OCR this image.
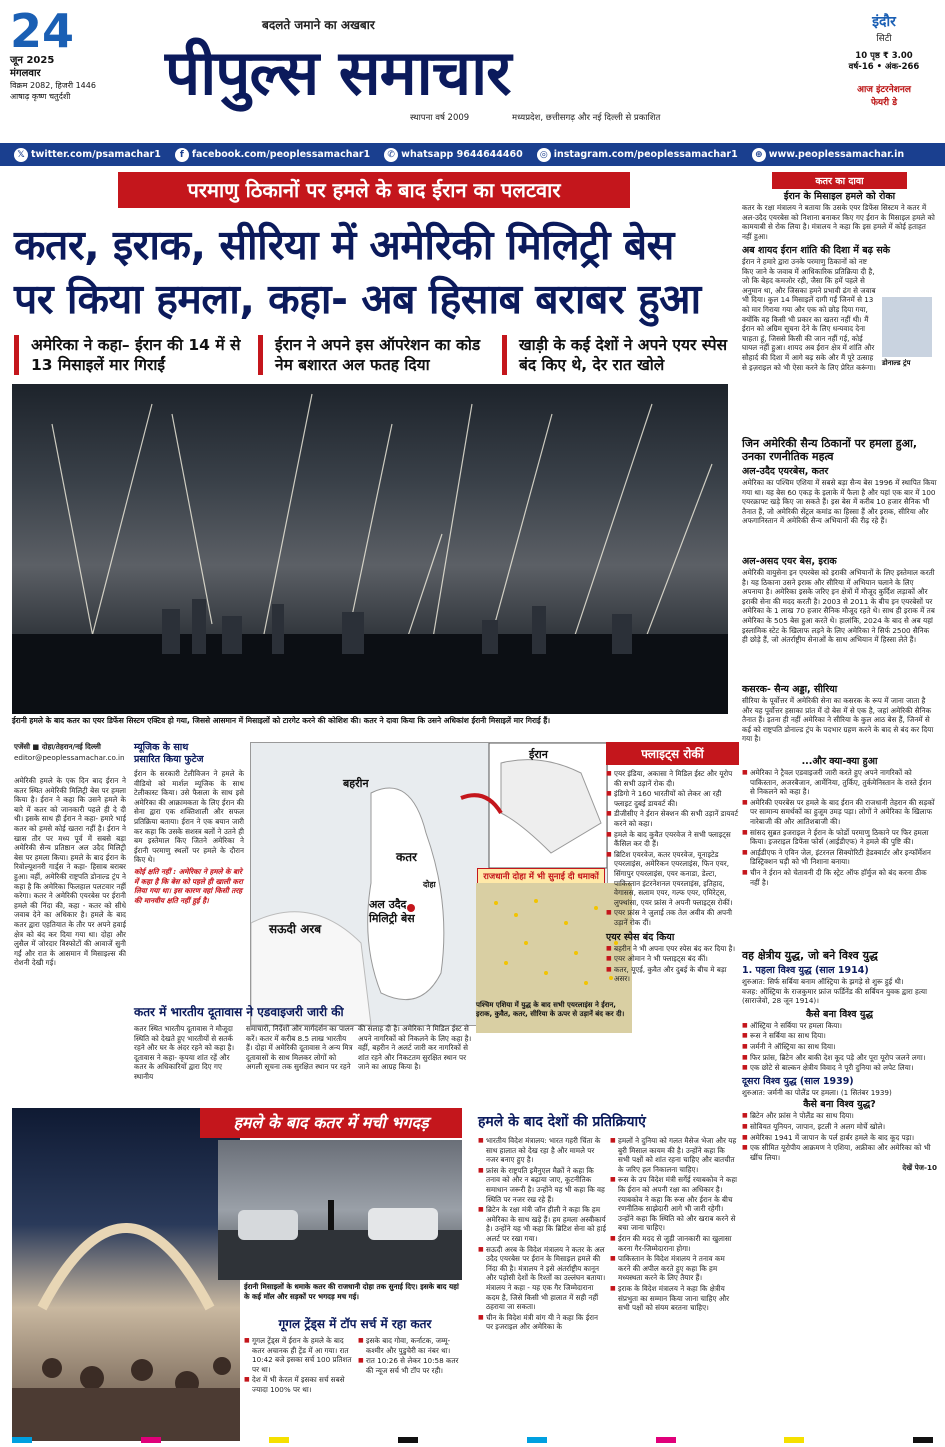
24
जून 2025
मंगलवार
विक्रम 2082, हिजरी 1446
आषाढ़ कृष्ण चतुर्दशी
बदलते जमाने का अखबार
पीपुल्स समाचार
स्थापना वर्ष 2009	मध्यप्रदेश, छत्तीसगढ़ और नई दिल्ली से प्रकाशित
इंदौर
सिटी
10 पृष्ठ ₹ 3.00
वर्ष-16 • अंक-266
आज इंटरनेशनल
फेयरी डे
𝕏 twitter.com/psamachar1	f facebook.com/peoplessamachar1	✆ whatsapp 9644644460	◎ instagram.com/peoplessamachar1	⊕ www.peoplessamachar.in
परमाणु ठिकानों पर हमले के बाद ईरान का पलटवार
कतर, इराक, सीरिया में अमेरिकी मिलिट्री बेस
पर किया हमला, कहा- अब हिसाब बराबर हुआ
अमेरिका ने कहा– ईरान की 14 में से 13 मिसाइलें मार गिराईं
ईरान ने अपने इस ऑपरेशन का कोड नेम बशारत अल फतह दिया
खाड़ी के कई देशों ने अपने एयर स्पेस बंद किए थे, देर रात खोले
ईरानी हमले के बाद कतर का एयर डिफेंस सिस्टम एक्टिव हो गया, जिससे आसमान में मिसाइलों को टारगेट करने की कोशिश की। कतर ने दावा किया कि उसने अधिकांश ईरानी मिसाइलें मार गिराई हैं।
एजेंसी ■ दोहा/तेहरान/नई दिल्ली
editor@peoplessamachar.co.in
अमेरिकी हमले के एक दिन बाद ईरान ने कतर स्थित अमेरिकी मिलिट्री बेस पर हमला किया है। ईरान ने कहा कि उसने हमले के बारे में कतर को जानकारी पहले ही दे दी थी। इसके साथ ही ईरान ने कहा- हमारे भाई कतर को हमसे कोई खतरा नहीं है। ईरान ने खास तौर पर मध्य पूर्व में सबसे बड़ा अमेरिकी सैन्य प्रतिष्ठान अल उदैद मिलिट्री बेस पर हमला किया। हमले के बाद ईरान के रिवोल्यूशनरी गार्ड्स ने कहा- हिसाब बराबर हुआ। वहीं, अमेरिकी राष्ट्रपति डोनाल्ड ट्रंप ने कहा है कि अमेरिका फिलहाल पलटवार नहीं करेगा। कतर ने अमेरिकी एयरबेस पर ईरानी हमले की निंदा की, कहा - कतर को सीधे जवाब देने का अधिकार है। हमले के बाद कतर द्वारा एहतियात के तौर पर अपने हवाई क्षेत्र को बंद कर दिया गया था। दोहा और लुसैल में जोरदार विस्फोटों की आवाजें सुनी गईं और रात के आसमान में मिसाइल्स की रोशनी देखी गई।
म्यूजिक के साथ
प्रसारित किया फुटेज
ईरान के सरकारी टेलीविजन ने हमले के वीडियो को मार्शल म्यूजिक के साथ टेलीकास्ट किया। उसे फैसला के साथ इसे अमेरिका की आक्रामकता के लिए ईरान की सेना द्वारा एक शक्तिशाली और सफल प्रतिक्रिया बताया। ईरान ने एक बयान जारी कर कहा कि उसके सशस्त्र बलों ने उतने ही बम इस्तेमाल किए जितने अमेरिका ने ईरानी परमाणु स्थलों पर हमले के दौरान किए थे।
कोई क्षति नहीं : अमेरिका ने हमले के बारे में कहा है कि बेस को पहले ही खाली करा लिया गया था। इस कारण वहां किसी तरह की मानवीय क्षति नहीं हुई है।
बहरीन
ईरान
कतर
दोहा
अल उदैद मिलिट्री बेस
सऊदी अरब
राजधानी दोहा में भी सुनाई दी धमाकों
पश्चिम एशिया में युद्ध के बाद सभी एयरलाइंस ने ईरान, इराक, कुवैत, कतर, सीरिया के ऊपर से उड़ानें बंद कर दी।
कतर में भारतीय दूतावास ने एडवाइजरी जारी की
कतर स्थित भारतीय दूतावास ने मौजूदा स्थिति को देखते हुए भारतीयों से सतर्क रहने और घर के अंदर रहने को कहा है। दूतावास ने कहा- कृपया शांत रहें और कतर के अधिकारियों द्वारा दिए गए स्थानीय
समाचारों, निर्देशों और मार्गदर्शन का पालन करें। कतर में करीब 8.5 लाख भारतीय हैं। दोहा में अमेरिकी दूतावास ने अन्य मित्र दूतावासों के साथ मिलकर लोगों को अगली सूचना तक सुरक्षित स्थान पर रहने
की सलाह दी है। अमेरिका ने मिडिल ईस्ट से अपने नागरिकों को निकलने के लिए कहा है। वहीं, बहरीन ने अलर्ट जारी कर नागरिकों से शांत रहने और निकटतम सुरक्षित स्थान पर जाने का आग्रह किया है।
फ्लाइट्स रोकीं
■ एयर इंडिया, अकासा ने मिडिल ईस्ट और यूरोप की सभी उड़ानें रोक दी।
■ इंडिगो ने 160 भारतीयों को लेकर आ रही फ्लाइट दुबई डायवर्ट की।
■ डीजीसीए ने ईरान सेक्शन की सभी उड़ानें डायवर्ट करने को कहा।
■ हमले के बाद कुवैत एयरवेज ने सभी फ्लाइट्स कैंसिल कर दी हैं।
■ ब्रिटिश एयरवेज, कतर एयरवेज, यूनाइटेड एयरलाइंस, अमेरिकन एयरलाइंस, फिन एयर, सिंगापुर एयरलाइंस, एयर कनाडा, डेल्टा, पाकिस्तान इंटरनेशनल एयरलाइंस, इतिहाद, वेगासस, सलाम एयर, गल्फ एयर, एमिरेट्स, लुफ्थांसा, एयर फ्रांस ने अपनी फ्लाइट्स रोकीं।
■ एयर फ्रांस ने जुलाई तक तेल अवीव की अपनी उड़ानें रोक दीं।
एयर स्पेस बंद किया
■ बहरीन ने भी अपना एयर स्पेस बंद कर दिया है।
■ एयर ओमान ने भी फ्लाइट्स बंद कीं।
■ कतर, यूएई, कुवैत और दुबई के बीच मे बड़ा असर।
हमले के बाद कतर में मची भगदड़
ईरानी मिसाइलों के धमाके कतर की राजधानी दोहा तक सुनाई दिए। इसके बाद यहां के कई मॉल और सड़कों पर भगदड़ मच गई।
गूगल ट्रेंड्स में टॉप सर्च में रहा कतर
■ गूगल ट्रेंड्स में ईरान के हमले के बाद कतर अचानक ही ट्रेंड में आ गया। रात 10:42 बजे इसका सर्च 100 प्रतिशत पर था।
■ देश में भी केरल में इसका सर्च सबसे ज्यादा 100% पर था।
■ इसके बाद गोवा, कर्नाटक, जम्मू-कश्मीर और पुडुचेरी का नंबर था।
■ रात 10:26 से लेकर 10:58 कतर की न्यूज सर्च भी टॉप पर रही।
हमले के बाद देशों की प्रतिक्रियाएं
■ भारतीय विदेश मंत्रालय: भारत गहरी चिंता के साथ हालात को देख रहा है और मामले पर नजर बनाए हुए है।
■ फ्रांस के राष्ट्रपति इमैनुएल मैक्रों ने कहा कि तनाव को और न बढ़ाया जाए, कूटनीतिक समाधान जरूरी है। उन्होंने यह भी कहा कि वह स्थिति पर नजर रख रहे हैं।
■ ब्रिटेन के रक्षा मंत्री जॉन हीली ने कहा कि हम अमेरिका के साथ खड़े हैं। हम हमला अस्वीकार्य है। उन्होंने यह भी कहा कि ब्रिटिश सेना को हाई अलर्ट पर रखा गया।
■ सऊदी अरब के विदेश मंत्रालय ने कतर के अल उदैद एयरबेस पर ईरान के मिसाइल हमले की निंदा की है। मंत्रालय ने इसे अंतर्राष्ट्रीय कानून और पड़ोसी देशों के रिश्तों का उल्लंघन बताया। मंत्रालय ने कहा - यह एक गैर जिम्मेदाराना कदम है, जिसे किसी भी हालात में सही नहीं ठहराया जा सकता।
■ चीन के विदेश मंत्री वांग यी ने कहा कि ईरान पर इजराइल और अमेरिका के
■ हमलों ने दुनिया को गलत मैसेज भेजा और यह बुरी मिसाल कायम की है। उन्होंने कहा कि सभी पक्षों को शांत रहना चाहिए और बातचीत के जरिए हल निकालना चाहिए।
■ रूस के उप विदेश मंत्री सर्गेई रयाबकोव ने कहा कि ईरान को अपनी रक्षा का अधिकार है। रयाबकोव ने कहा कि रूस और ईरान के बीच रणनीतिक साझेदारी आगे भी जारी रहेगी। उन्होंने कहा कि स्थिति को और खराब करने से बचा जाना चाहिए।
■ ईरान की मदद से जुड़ी जानकारी का खुलासा करना गैर-जिम्मेदाराना होगा।
■ पाकिस्तान के विदेश मंत्रालय ने तनाव कम करने की अपील करते हुए कहा कि हम मध्यस्थता करने के लिए तैयार हैं।
■ इराक के विदेश मंत्रालय ने कहा कि क्षेत्रीय संप्रभुता का सम्मान किया जाना चाहिए और सभी पक्षों को संयम बरतना चाहिए।
कतर का दावा
ईरान के मिसाइल हमले को रोका
कतर के रक्षा मंत्रालय ने बताया कि उसके एयर डिफेंस सिस्टम ने कतर में अल-उदैद एयरबेस को निशाना बनाकर किए गए ईरान के मिसाइल हमले को कामयाबी से रोक लिया है। मंत्रालय ने कहा कि इस हमले में कोई हताहत नहीं हुआ।
अब शायद ईरान शांति की दिशा में बढ़ सके
ईरान ने हमारे द्वारा उनके परमाणु ठिकानों को नष्ट किए जाने के जवाब में आधिकारिक प्रतिक्रिया दी है, जो कि बेहद कमजोर रही, जैसा कि हमें पहले से अनुमान था, और जिसका हमने प्रभावी ढंग से जवाब भी दिया। कुल 14 मिसाइलें दागी गईं जिनमें से 13 को मार गिराया गया और एक को छोड़ दिया गया, क्योंकि वह किसी भी प्रकार का खतरा नहीं थी। मैं ईरान को अग्रिम सूचना देने के लिए धन्यवाद देना चाहता हूं, जिससे किसी की जान नहीं गई, कोई घायल नहीं हुआ। शायद अब ईरान क्षेत्र में शांति और सौहार्द की दिशा में आगे बढ़ सके और मैं पूरे उत्साह से इज़राइल को भी ऐसा करने के लिए प्रेरित करूंगा। डोनाल्ड ट्रंप
जिन अमेरिकी सैन्य ठिकानों पर हमला हुआ, उनका रणनीतिक महत्व
अल-उदैद एयरबेस, कतर
अमेरिका का पश्चिम एशिया में सबसे बड़ा सैन्य बेस 1996 में स्थापित किया गया था। यह बेस 60 एकड़ के इलाके में फैला है और यहां एक बार में 100 एयरक्राफ्ट खड़े किए जा सकते हैं। इस बेस में करीब 10 हजार सैनिक भी तैनात हैं, जो अमेरिकी सेंट्रल कमांड का हिस्सा हैं और इराक, सीरिया और अफगानिस्तान में अमेरिकी सैन्य अभियानों की रीढ़ रहे हैं।
अल-असद एयर बेस, इराक
अमेरिकी वायुसेना इन एयरबेस को इराकी अभियानों के लिए इस्तेमाल करती है। यह ठिकाना उसने इराक और सीरिया में अभियान चलाने के लिए अपनाया है। अमेरिका इसके जरिए इन क्षेत्रों में मौजूद कुर्दिश लड़ाकों और इराकी सेना की मदद करती है। 2003 से 2011 के बीच इन एयरबेसों पर अमेरिका के 1 लाख 70 हजार सैनिक मौजूद रहते थे। साथ ही इराक में तब अमेरिका के 505 बेस हुआ करते थे। हालांकि, 2024 के बाद से अब यहां इस्लामिक स्टेट के खिलाफ लड़ने के लिए अमेरिका ने सिर्फ 2500 सैनिक ही छोड़े हैं, जो अंतर्राष्ट्रीय सेनाओं के साथ अभियान में हिस्सा लेते हैं।
कसरक- सैन्य अड्डा, सीरिया
सीरिया के पूर्वोत्तर में अमेरिकी सेना का कसरक के रूप में जाना जाता है और यह पूर्वोत्तर हसाका प्रांत में दो बेस में से एक है, जहां अमेरिकी सैनिक तैनात हैं। इतना ही नहीं अमेरिका ने सीरिया के कुल आठ बेस हैं, जिनमें से कई को राष्ट्रपति डोनाल्ड ट्रंप के पदभार ग्रहण करने के बाद से बंद कर दिया गया है।
...और क्या-क्या हुआ
■ अमेरिका ने ट्रैवल एडवाइजरी जारी करते हुए अपने नागरिकों को पाकिस्तान, अजरबैजान, आर्मेनिया, तुर्किए, तुर्कमेनिस्तान के रास्ते ईरान से निकलने को कहा है।
■ अमेरिकी एयरबेस पर हमले के बाद ईरान की राजधानी तेहरान की सड़कों पर सामान्य समर्थकों का हुजूम उमड़ पड़ा। लोगों ने अमेरिका के खिलाफ नारेबाजी की और आतिशबाजी की।
■ सांसद सुब्रत इजराइल ने ईरान के फोर्डो परमाणु ठिकाने पर फिर हमला किया। इजराइल डिफेंस फोर्स (आईडीएफ) ने हमले की पुष्टि की।
■ आईडीएफ ने एविन जेल, इंटरनल सिक्योरिटी हेडक्वार्टर और इन्फॉर्मेशन डिस्ट्रिक्शन घड़ी को भी निशाना बनाया।
■ चीन ने ईरान को चेतावनी दी कि स्ट्रेट ऑफ हॉर्मुज को बंद करना ठीक नहीं है।
वह क्षेत्रीय युद्ध, जो बने विश्व युद्ध
1. पहला विश्व युद्ध (साल 1914)
शुरुआत: सिर्फ सर्बिया बनाम ऑस्ट्रिया के झगड़े से शुरू हुई थी।
वजह: ऑस्ट्रिया के राजकुमार फ्रांज फर्डिनेंड की सर्बियन युवक द्वारा हत्या (साराजेवो, 28 जून 1914)।
कैसे बना विश्व युद्ध
■ ऑस्ट्रिया ने सर्बिया पर हमला किया।
■ रूस ने सर्बिया का साथ दिया।
■ जर्मनी ने ऑस्ट्रिया का साथ दिया।
■ फिर फ्रांस, ब्रिटेन और बाकी देश कूद पड़े और पूरा यूरोप जलने लगा।
■ एक छोटे से बाल्कन क्षेत्रीय विवाद ने पूरी दुनिया को लपेट लिया।
दूसरा विश्व युद्ध (साल 1939)
शुरुआत: जर्मनी का पोलैंड पर हमला। (1 सितंबर 1939)
कैसे बना विश्व युद्ध?
■ ब्रिटेन और फ्रांस ने पोलैंड का साथ दिया।
■ सोवियत यूनियन, जापान, इटली ने अलग मोर्चे खोले।
■ अमेरिका 1941 में जापान के पर्ल हार्बर हमले के बाद कूद पड़ा।
■ एक सीमित यूरोपीय आक्रमण ने एशिया, अफ्रीका और अमेरिका को भी खींच लिया।
देखें पेज-10
